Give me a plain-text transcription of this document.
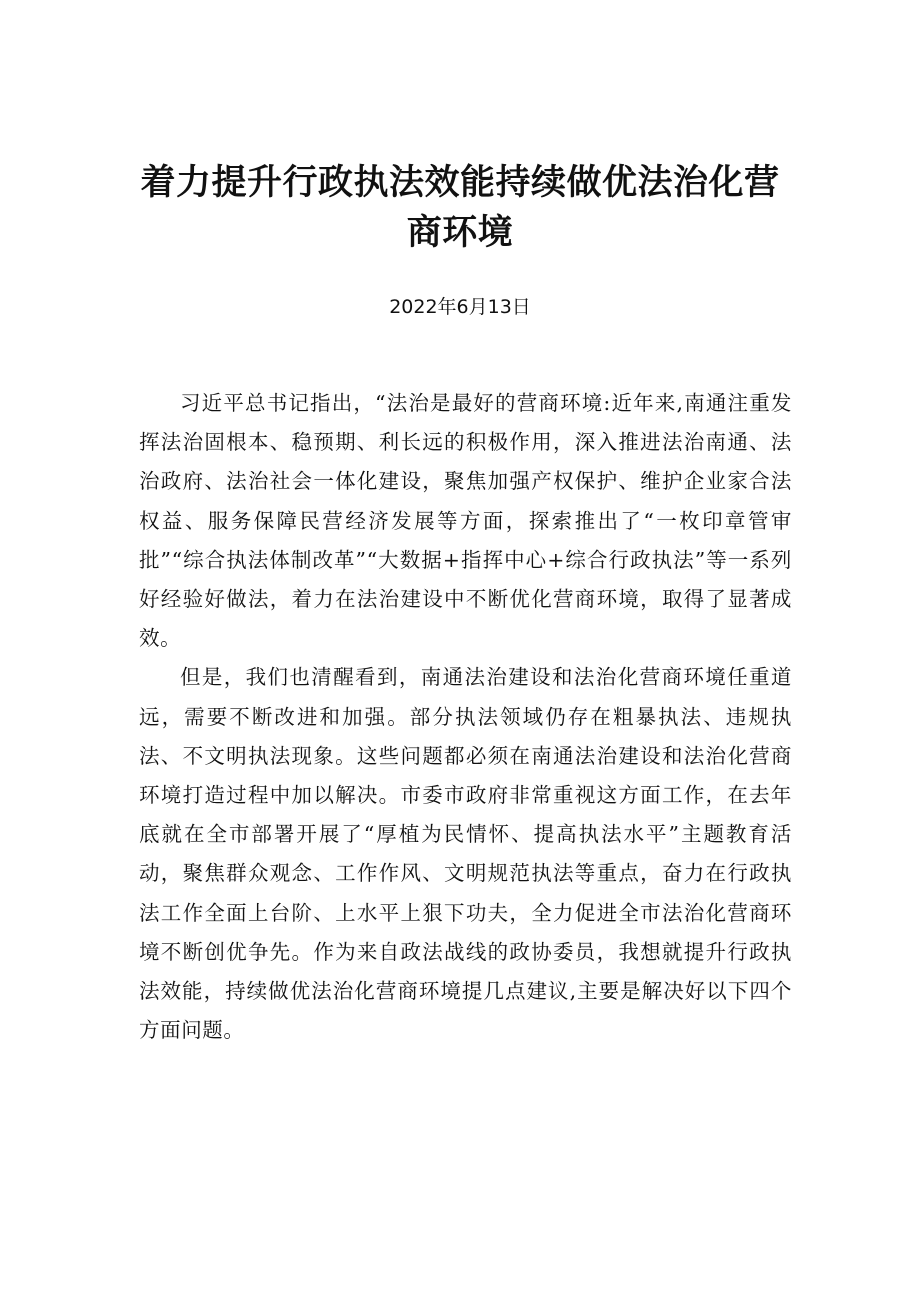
着力提升行政执法效能持续做优法治化营商环境
2022年6月13日

习近平总书记指出，“法治是最好的营商环境:近年来,南通注重发挥法治固根本、稳预期、利长远的积极作用，深入推进法治南通、法治政府、法治社会一体化建设，聚焦加强产权保护、维护企业家合法权益、服务保障民营经济发展等方面，探索推出了“一枚印章管审批”“综合执法体制改革”“大数据+指挥中心+综合行政执法”等一系列好经验好做法，着力在法治建设中不断优化营商环境，取得了显著成效。

但是，我们也清醒看到，南通法治建设和法治化营商环境任重道远，需要不断改进和加强。部分执法领域仍存在粗暴执法、违规执法、不文明执法现象。这些问题都必须在南通法治建设和法治化营商环境打造过程中加以解决。市委市政府非常重视这方面工作，在去年底就在全市部署开展了“厚植为民情怀、提高执法水平”主题教育活动，聚焦群众观念、工作作风、文明规范执法等重点，奋力在行政执法工作全面上台阶、上水平上狠下功夫，全力促进全市法治化营商环境不断创优争先。作为来自政法战线的政协委员，我想就提升行政执法效能，持续做优法治化营商环境提几点建议,主要是解决好以下四个方面问题。
